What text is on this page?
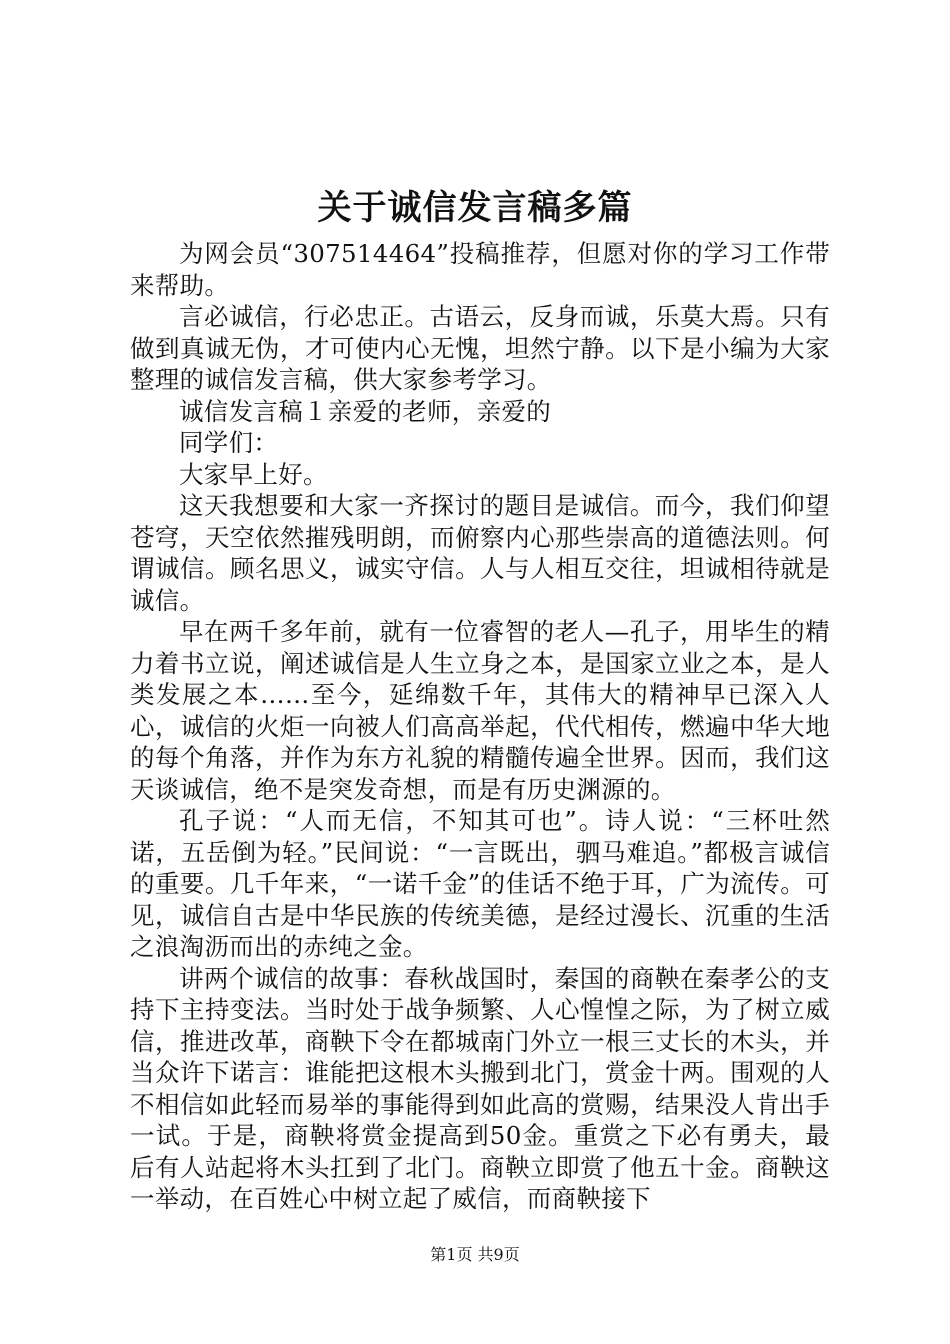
关于诚信发言稿多篇

为网会员“307514464”投稿推荐，但愿对你的学习工作带来帮助。

言必诚信，行必忠正。古语云，反身而诚，乐莫大焉。只有做到真诚无伪，才可使内心无愧，坦然宁静。以下是小编为大家整理的诚信发言稿，供大家参考学习。

诚信发言稿１亲爱的老师，亲爱的

同学们：

大家早上好。

这天我想要和大家一齐探讨的题目是诚信。而今，我们仰望苍穹，天空依然摧残明朗，而俯察内心那些崇高的道德法则。何谓诚信。顾名思义，诚实守信。人与人相互交往，坦诚相待就是诚信。

早在两千多年前，就有一位睿智的老人—孔子，用毕生的精力着书立说，阐述诚信是人生立身之本，是国家立业之本，是人类发展之本……至今，延绵数千年，其伟大的精神早已深入人心，诚信的火炬一向被人们高高举起，代代相传，燃遍中华大地的每个角落，并作为东方礼貌的精髓传遍全世界。因而，我们这天谈诚信，绝不是突发奇想，而是有历史渊源的。

孔子说：“人而无信，不知其可也”。诗人说：“三杯吐然诺，五岳倒为轻。”民间说：“一言既出，驷马难追。”都极言诚信的重要。几千年来，“一诺千金”的佳话不绝于耳，广为流传。可见，诚信自古是中华民族的传统美德，是经过漫长、沉重的生活之浪淘沥而出的赤纯之金。

讲两个诚信的故事：春秋战国时，秦国的商鞅在秦孝公的支持下主持变法。当时处于战争频繁、人心惶惶之际，为了树立威信，推进改革，商鞅下令在都城南门外立一根三丈长的木头，并当众许下诺言：谁能把这根木头搬到北门，赏金十两。围观的人不相信如此轻而易举的事能得到如此高的赏赐，结果没人肯出手一试。于是，商鞅将赏金提高到50金。重赏之下必有勇夫，最后有人站起将木头扛到了北门。商鞅立即赏了他五十金。商鞅这一举动，在百姓心中树立起了威信，而商鞅接下

第1页 共9页
